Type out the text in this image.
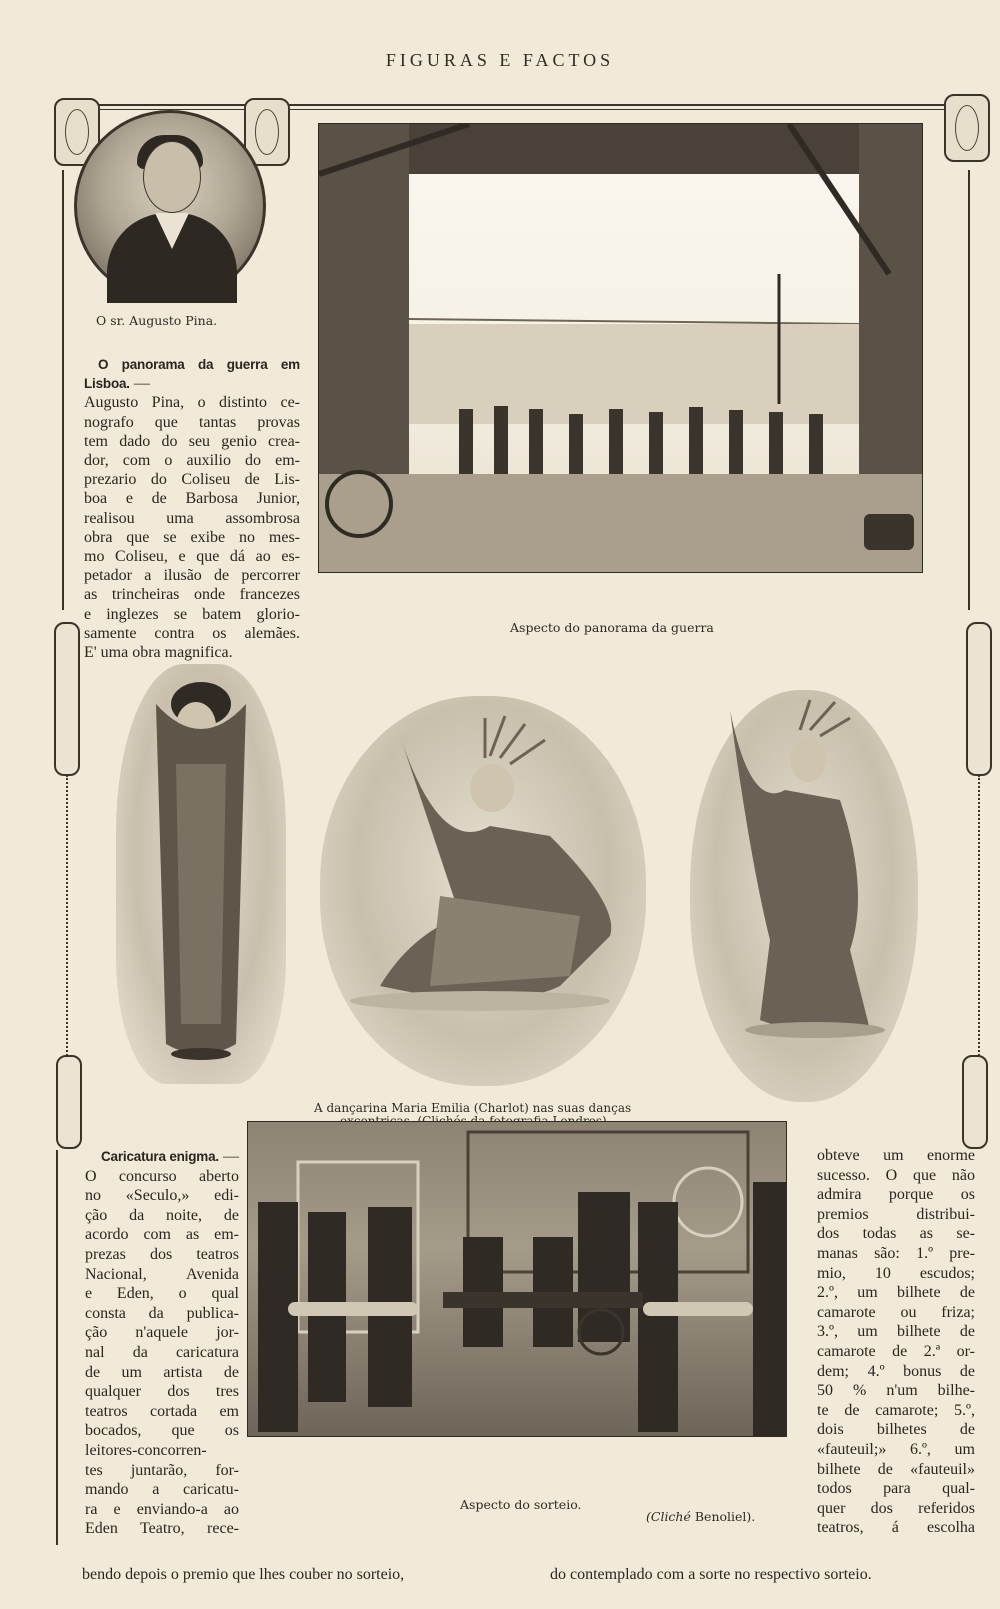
FIGURAS E FACTOS
O sr. Augusto Pina.

O panorama da guerra em Lisboa. —

Augusto Pina, o distinto ce-

nografo que tantas provas

tem dado do seu genio crea-

dor, com o auxilio do em-

prezario do Coliseu de Lis-

boa e de Barbosa Junior,

realisou uma assombrosa

obra que se exibe no mes-

mo Coliseu, e que dá ao es-

petador a ilusão de percorrer

as trincheiras onde francezes

e inglezes se batem glorio-

samente contra os alemães.

E' uma obra magnifica.

Aspecto do panorama da guerra
A dançarina Maria Emilia (Charlot) nas suas danças

Caricatura enigma. —

O concurso aberto

no «Seculo,» edi-

ção da noite, de

acordo com as em-

prezas dos teatros

Nacional, Avenida

e Eden, o qual

consta da publica-

ção n'aquele jor-

nal da caricatura

de um artista de

qualquer dos tres

teatros cortada em

bocados, que os

leitores-concorren-

tes juntarão, for-

mando a caricatu-

ra e enviando-a ao

Eden Teatro, rece-

Aspecto do sorteio.
(Cliché Benoliel).

obteve um enorme

sucesso. O que não

admira porque os

premios distribui-

dos todas as se-

manas são: 1.º pre-

mio, 10 escudos;

2.º, um bilhete de

camarote ou friza;

3.º, um bilhete de

camarote de 2.ª or-

dem; 4.º bonus de

50 % n'um bilhe-

te de camarote; 5.º,

dois bilhetes de

«fauteuil;» 6.º, um

bilhete de «fauteuil»

todos para qual-

quer dos referidos

teatros, á escolha

bendo depois o premio que lhes couber no sorteio,	do contemplado com a sorte no respectivo sorteio.
